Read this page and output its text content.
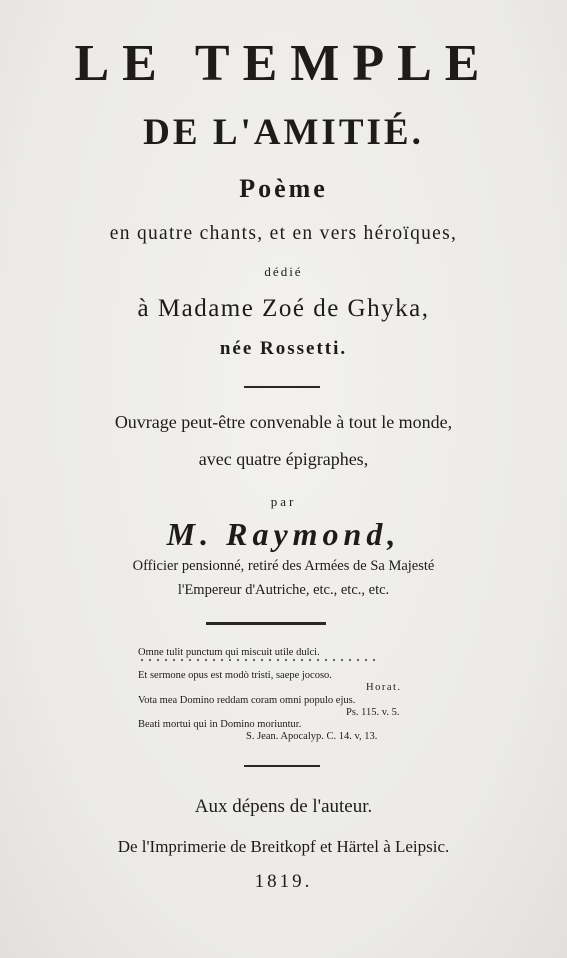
LE TEMPLE
DE L'AMITIÉ.
Poème
en quatre chants, et en vers héroïques,
dédié
à Madame Zoé de Ghyka,
née Rossetti.
Ouvrage peut-être convenable à tout le monde,
avec quatre épigraphes,
par
M. Raymond,
Officier pensionné, retiré des Armées de Sa Majesté
l'Empereur d'Autriche, etc., etc., etc.
Omne tulit punctum qui miscuit utile dulci.
Et sermone opus est modò tristi, saepe jocoso.
Horat.
Vota mea Domino reddam coram omni populo ejus.
Ps. 115. v. 5.
Beati mortui qui in Domino moriuntur.
S. Jean. Apocalyp. C. 14. v, 13.
Aux dépens de l'auteur.
De l'Imprimerie de Breitkopf et Härtel à Leipsic.
1819.
